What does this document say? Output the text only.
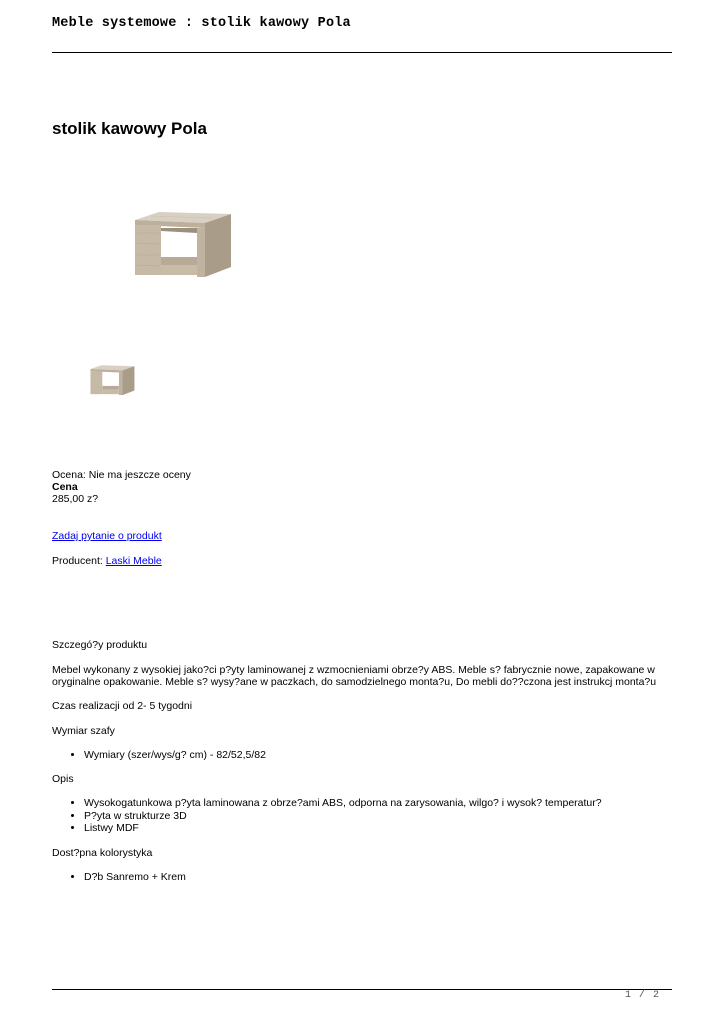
Meble systemowe : stolik kawowy Pola
stolik kawowy Pola
Ocena: Nie ma jeszcze oceny
Cena
285,00 z?
Zadaj pytanie o produkt
Producent: Laski Meble
Szczegó?y produktu

Mebel wykonany z wysokiej jako?ci p?yty laminowanej z wzmocnieniami obrze?y ABS. Meble s? fabrycznie nowe, zapakowane w oryginalne opakowanie. Meble s? wysy?ane w paczkach, do samodzielnego monta?u, Do mebli do??czona jest instrukcj monta?u

Czas realizacji od 2- 5 tygodni
Wymiar szafy
• Wymiary (szer/wys/g? cm) - 82/52,5/82
Opis
• Wysokogatunkowa p?yta laminowana z obrze?ami ABS, odporna na zarysowania, wilgo? i wysok? temperatur?
• P?yta w strukturze 3D
• Listwy MDF
Dost?pna kolorystyka
• D?b Sanremo + Krem
1 / 2
